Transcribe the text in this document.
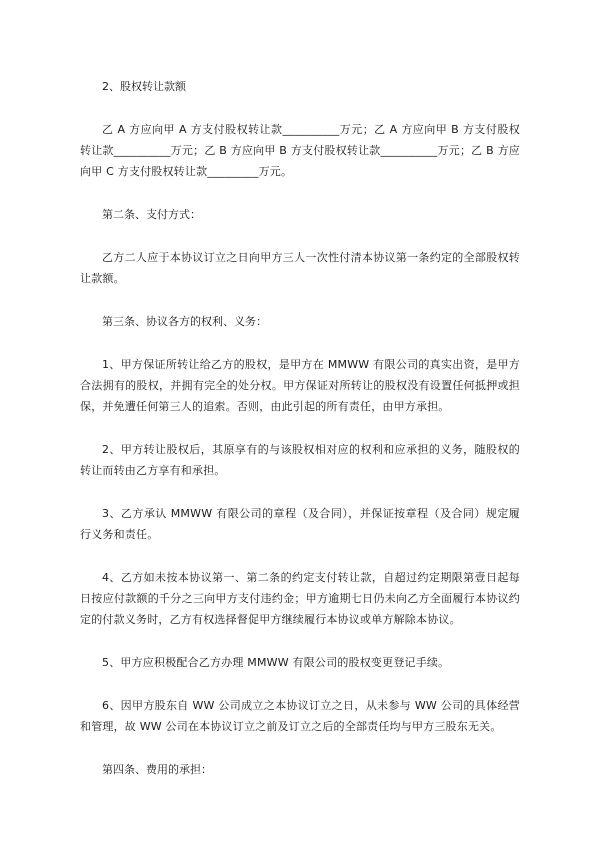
2、股权转让款额

乙 A 方应向甲 A 方支付股权转让款__________万元；乙 A 方应向甲 B 方支付股权转让款__________万元；乙 B 方应向甲 B 方支付股权转让款__________万元；乙 B 方应向甲 C 方支付股权转让款_________万元。

第二条、支付方式：

乙方二人应于本协议订立之日向甲方三人一次性付清本协议第一条约定的全部股权转让款额。

第三条、协议各方的权利、义务：

1、甲方保证所转让给乙方的股权，是甲方在 MMWW 有限公司的真实出资，是甲方合法拥有的股权，并拥有完全的处分权。甲方保证对所转让的股权没有设置任何抵押或担保，并免遭任何第三人的追索。否则，由此引起的所有责任，由甲方承担。

2、甲方转让股权后，其原享有的与该股权相对应的权利和应承担的义务，随股权的转让而转由乙方享有和承担。

3、乙方承认 MMWW 有限公司的章程（及合同），并保证按章程（及合同）规定履行义务和责任。

4、乙方如未按本协议第一、第二条的约定支付转让款，自超过约定期限第壹日起每日按应付款额的千分之三向甲方支付违约金；甲方逾期七日仍未向乙方全面履行本协议约定的付款义务时，乙方有权选择督促甲方继续履行本协议或单方解除本协议。

5、甲方应积极配合乙方办理 MMWW 有限公司的股权变更登记手续。

6、因甲方股东自 WW 公司成立之本协议订立之日，从未参与 WW 公司的具体经营和管理，故 WW 公司在本协议订立之前及订立之后的全部责任均与甲方三股东无关。

第四条、费用的承担：
